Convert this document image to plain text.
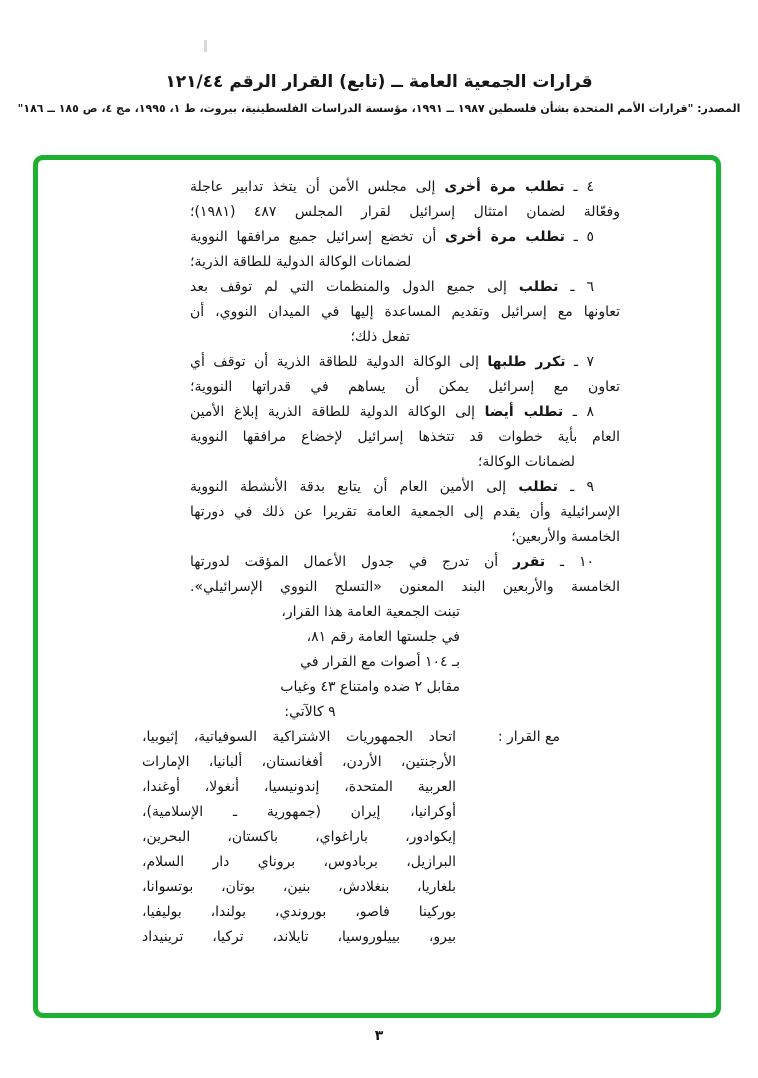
قرارات الجمعية العامة ــ (تابع) القرار الرقم ١٢١/٤٤
المصدر: "قرارات الأمم المتحدة بشأن فلسطين ١٩٨٧ ــ ١٩٩١، مؤسسة الدراسات الفلسطينية، بيروت، ط ١، ١٩٩٥، مج ٤، ص ١٨٥ ــ ١٨٦"
٤ ـ تطلب مرة أخرى إلى مجلس الأمن أن يتخذ تدابير عاجلة
وفعّالة لضمان امتثال إسرائيل لقرار المجلس ٤٨٧ (١٩٨١)؛
٥ ـ تطلب مرة أخرى أن تخضع إسرائيل جميع مرافقها النووية
لضمانات الوكالة الدولية للطاقة الذرية؛
٦ ـ تطلب إلى جميع الدول والمنظمات التي لم توقف بعد
تعاونها مع إسرائيل وتقديم المساعدة إليها في الميدان النووي، أن
تفعل ذلك؛
٧ ـ تكرر طلبها إلى الوكالة الدولية للطاقة الذرية أن توقف أي
تعاون مع إسرائيل يمكن أن يساهم في قدراتها النووية؛
٨ ـ تطلب أيضا إلى الوكالة الدولية للطاقة الذرية إبلاغ الأمين
العام بأية خطوات قد تتخذها إسرائيل لإخضاع مرافقها النووية
لضمانات الوكالة؛
٩ ـ تطلب إلى الأمين العام أن يتابع بدقة الأنشطة النووية
الإسرائيلية وأن يقدم إلى الجمعية العامة تقريرا عن ذلك في دورتها
الخامسة والأربعين؛
١٠ ـ تقرر أن تدرج في جدول الأعمال المؤقت لدورتها
الخامسة والأربعين البند المعنون «التسلح النووي الإسرائيلي».
تبنت الجمعية العامة هذا القرار،
في جلستها العامة رقم ٨١،
بـ ١٠٤ أصوات مع القرار في
مقابل ٢ ضده وامتناع ٤٣ وغياب
٩ كالآتي:
مع القرار :
اتحاد الجمهوريات الاشتراكية السوفياتية، إثيوبيا،
الأرجنتين، الأردن، أفغانستان، ألبانيا، الإمارات
العربية المتحدة، إندونيسيا، أنغولا، أوغندا،
أوكرانيا، إيران (جمهورية ـ الإسلامية)،
إيكوادور، باراغواي، باكستان، البحرين،
البرازيل، بربادوس، بروناي دار السلام،
بلغاريا، بنغلادش، بنين، بوتان، بوتسوانا،
بوركينا فاصو، بوروندي، بولندا، بوليفيا،
بيرو، بييلوروسيا، تايلاند، تركيا، ترينيداد
٣
